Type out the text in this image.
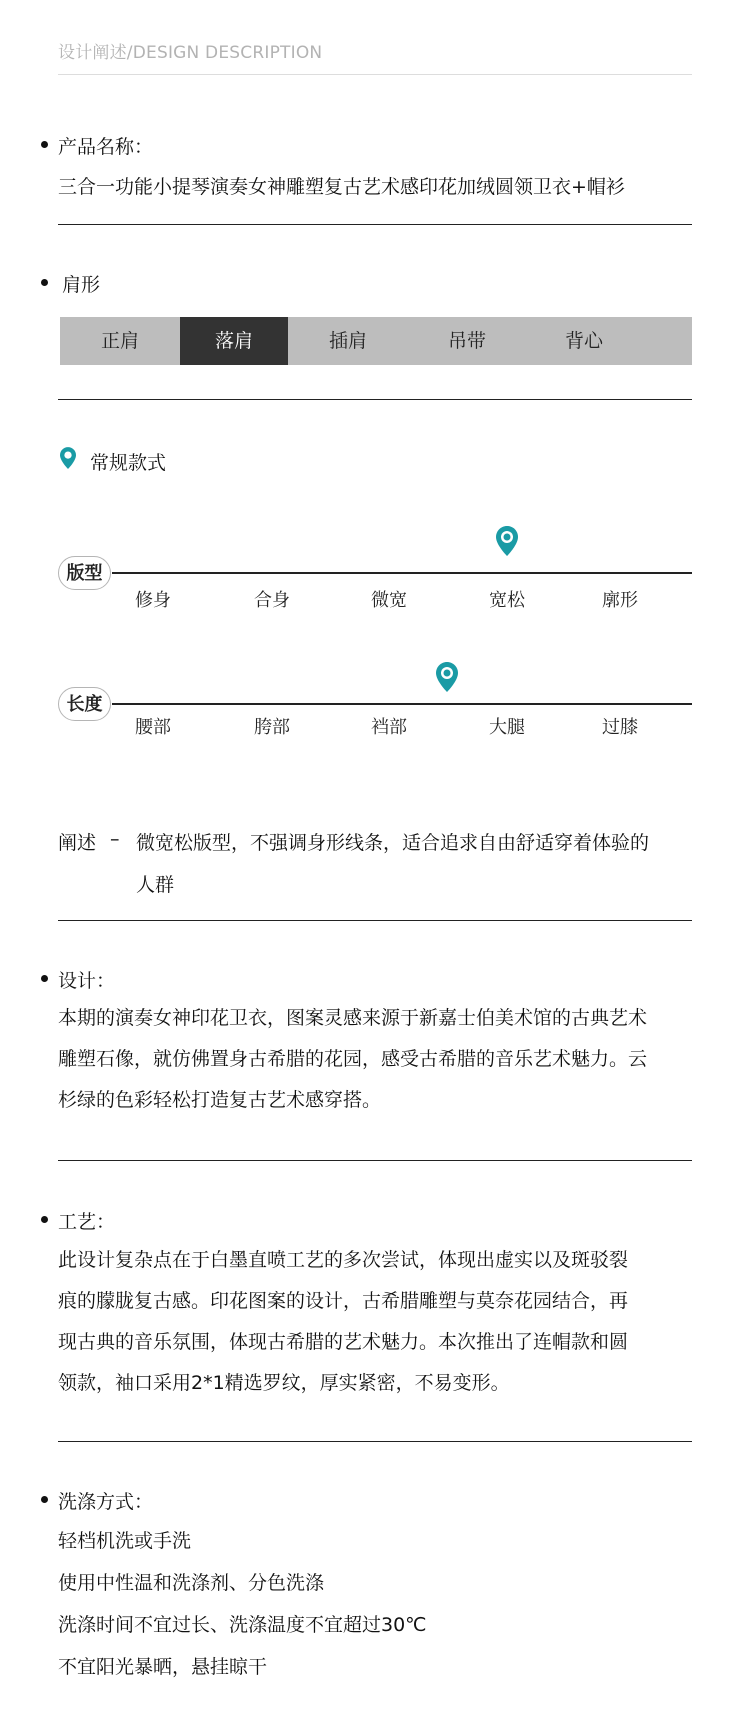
设计阐述/DESIGN DESCRIPTION
产品名称：
三合一功能小提琴演奏女神雕塑复古艺术感印花加绒圆领卫衣+帽衫
肩形
正肩	落肩	插肩	吊带	背心
常规款式
版型
修身	合身	微宽	宽松	廓形
长度
腰部	胯部	裆部	大腿	过膝
阐述 – 微宽松版型，不强调身形线条，适合追求自由舒适穿着体验的
人群
设计：
本期的演奏女神印花卫衣，图案灵感来源于新嘉士伯美术馆的古典艺术
雕塑石像，就仿佛置身古希腊的花园，感受古希腊的音乐艺术魅力。云
杉绿的色彩轻松打造复古艺术感穿搭。
工艺：
此设计复杂点在于白墨直喷工艺的多次尝试，体现出虚实以及斑驳裂
痕的朦胧复古感。印花图案的设计，古希腊雕塑与莫奈花园结合，再
现古典的音乐氛围，体现古希腊的艺术魅力。本次推出了连帽款和圆
领款，袖口采用2*1精选罗纹，厚实紧密，不易变形。
洗涤方式：
轻档机洗或手洗
使用中性温和洗涤剂、分色洗涤
洗涤时间不宜过长、洗涤温度不宜超过30℃
不宜阳光暴晒，悬挂晾干
